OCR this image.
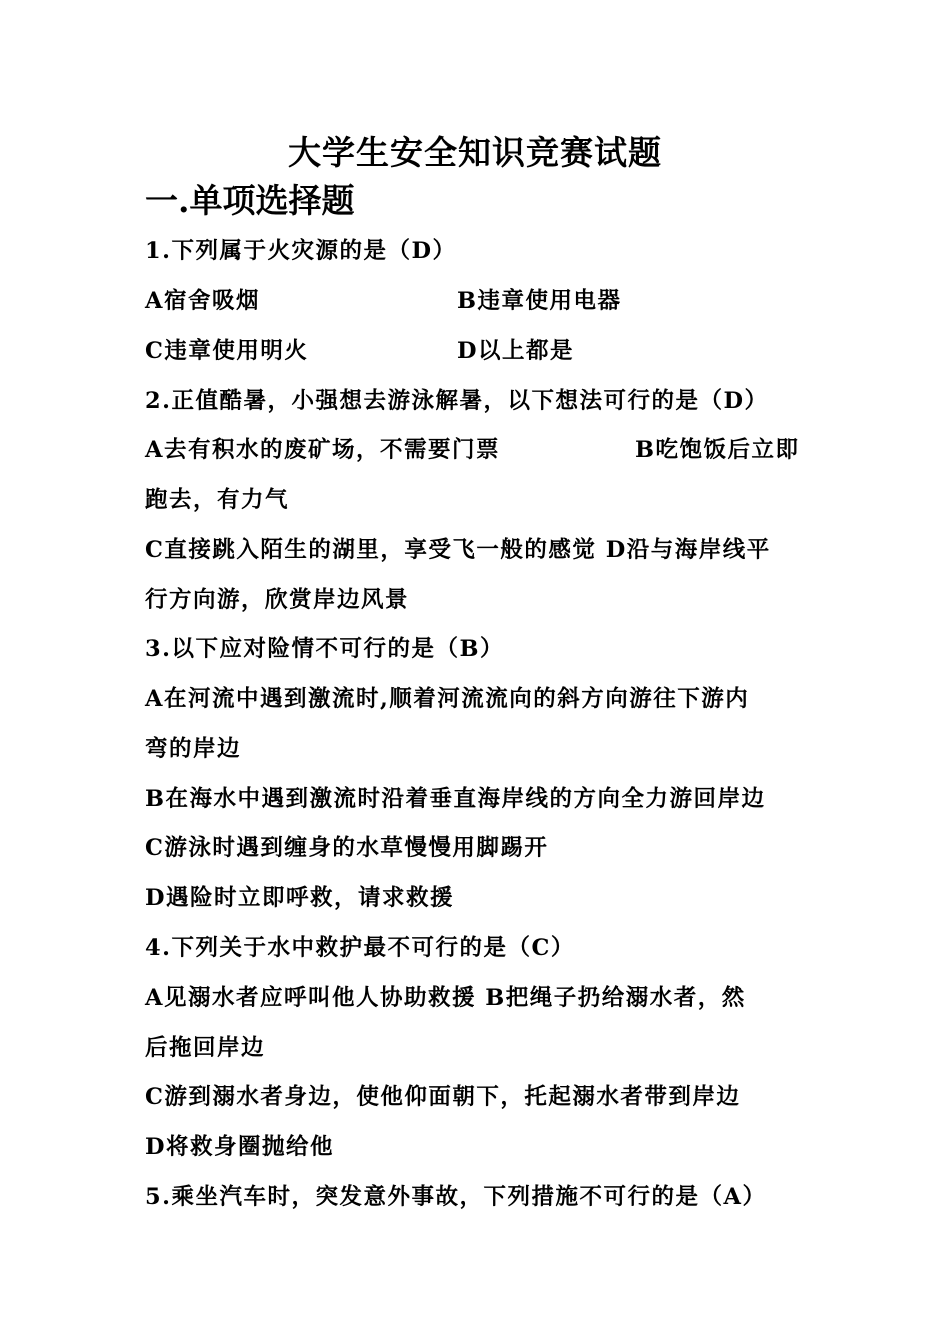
大学生安全知识竞赛试题
一.单项选择题
1.下列属于火灾源的是（D）
A宿舍吸烟	B违章使用电器
C违章使用明火	D以上都是
2.正值酷暑，小强想去游泳解暑，以下想法可行的是（D）
A去有积水的废矿场，不需要门票	B吃饱饭后立即
跑去，有力气
C直接跳入陌生的湖里，享受飞一般的感觉 D沿与海岸线平
行方向游，欣赏岸边风景
3.以下应对险情不可行的是（B）
A在河流中遇到激流时,顺着河流流向的斜方向游往下游内
弯的岸边
B在海水中遇到激流时沿着垂直海岸线的方向全力游回岸边
C游泳时遇到缠身的水草慢慢用脚踢开
D遇险时立即呼救，请求救援
4.下列关于水中救护最不可行的是（C）
A见溺水者应呼叫他人协助救援 B把绳子扔给溺水者，然
后拖回岸边
C游到溺水者身边，使他仰面朝下，托起溺水者带到岸边
D将救身圈抛给他
5.乘坐汽车时，突发意外事故，下列措施不可行的是（A）
